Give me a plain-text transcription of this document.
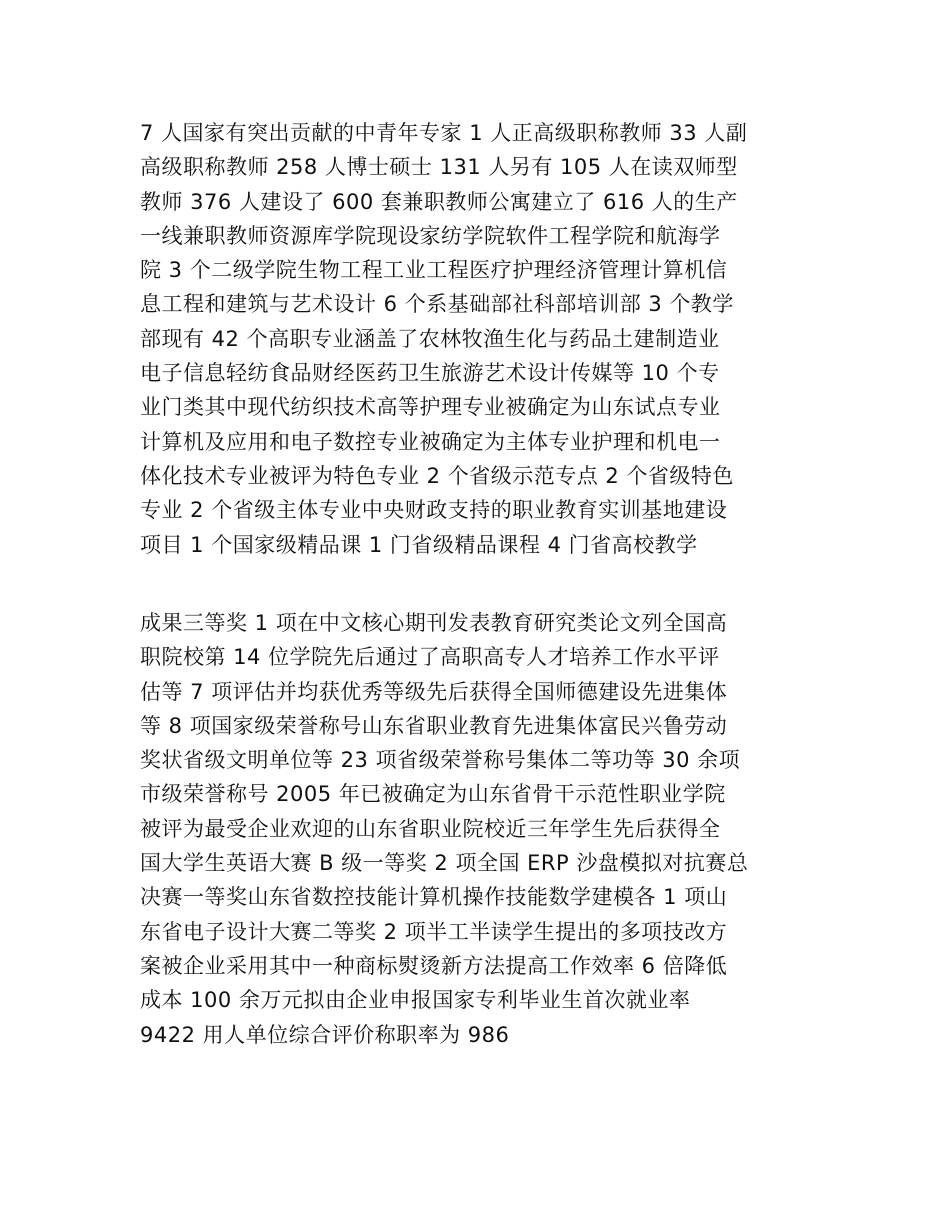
7 人国家有突出贡献的中青年专家 1 人正高级职称教师 33 人副
高级职称教师 258 人博士硕士 131 人另有 105 人在读双师型
教师 376 人建设了 600 套兼职教师公寓建立了 616 人的生产
一线兼职教师资源库学院现设家纺学院软件工程学院和航海学
院 3 个二级学院生物工程工业工程医疗护理经济管理计算机信
息工程和建筑与艺术设计 6 个系基础部社科部培训部 3 个教学
部现有 42 个高职专业涵盖了农林牧渔生化与药品土建制造业
电子信息轻纺食品财经医药卫生旅游艺术设计传媒等 10 个专
业门类其中现代纺织技术高等护理专业被确定为山东试点专业
计算机及应用和电子数控专业被确定为主体专业护理和机电一
体化技术专业被评为特色专业 2 个省级示范专点 2 个省级特色
专业 2 个省级主体专业中央财政支持的职业教育实训基地建设
项目 1 个国家级精品课 1 门省级精品课程 4 门省高校教学
成果三等奖 1 项在中文核心期刊发表教育研究类论文列全国高
职院校第 14 位学院先后通过了高职高专人才培养工作水平评
估等 7 项评估并均获优秀等级先后获得全国师德建设先进集体
等 8 项国家级荣誉称号山东省职业教育先进集体富民兴鲁劳动
奖状省级文明单位等 23 项省级荣誉称号集体二等功等 30 余项
市级荣誉称号 2005 年已被确定为山东省骨干示范性职业学院
被评为最受企业欢迎的山东省职业院校近三年学生先后获得全
国大学生英语大赛 B 级一等奖 2 项全国 ERP 沙盘模拟对抗赛总
决赛一等奖山东省数控技能计算机操作技能数学建模各 1 项山
东省电子设计大赛二等奖 2 项半工半读学生提出的多项技改方
案被企业采用其中一种商标熨烫新方法提高工作效率 6 倍降低
成本 100 余万元拟由企业申报国家专利毕业生首次就业率
9422 用人单位综合评价称职率为 986
